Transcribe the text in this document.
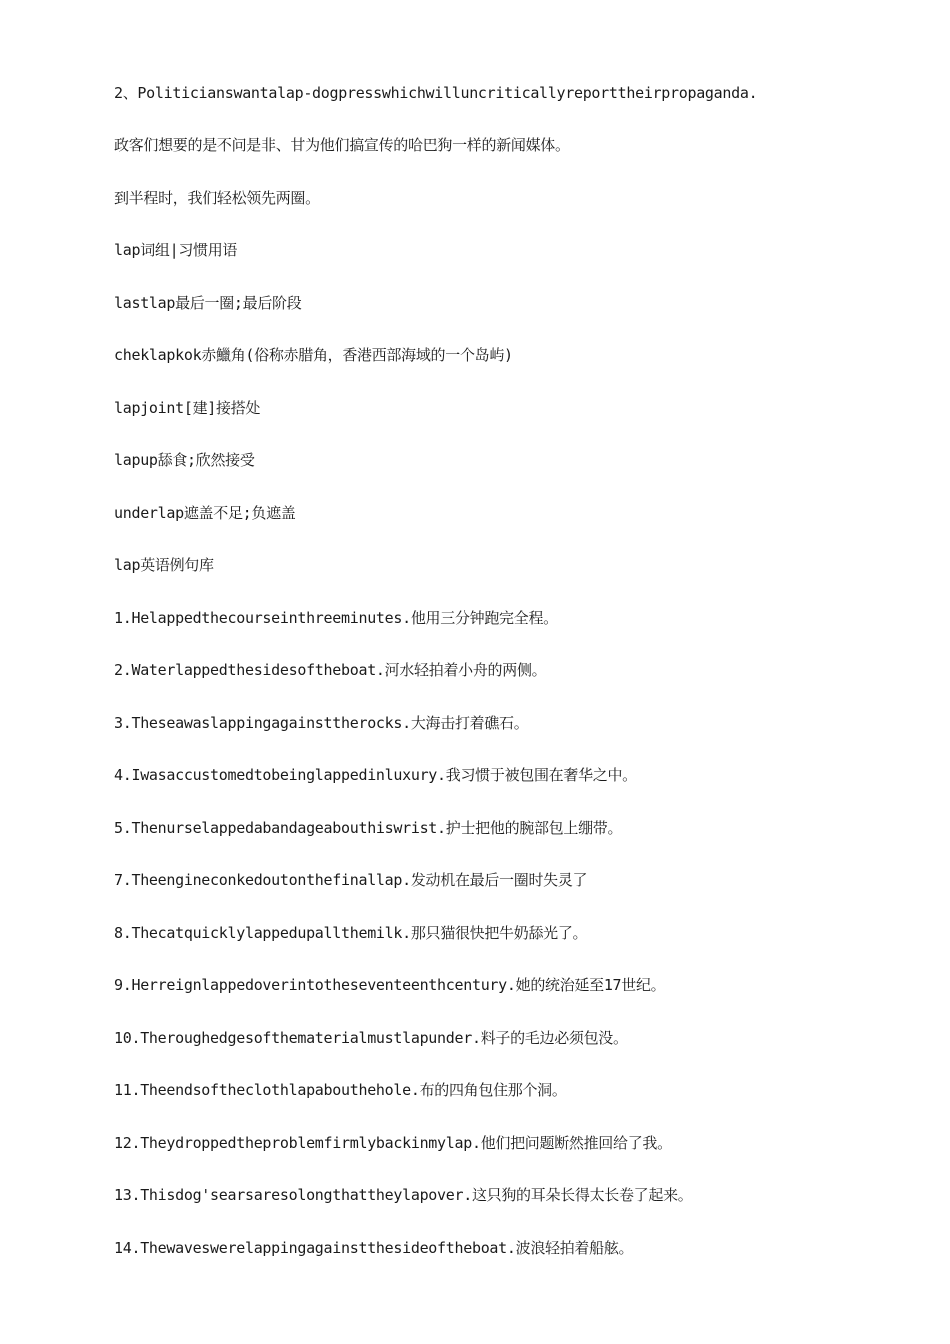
2、Politicianswantalap-dogpresswhichwilluncriticallyreporttheirpropaganda.
政客们想要的是不问是非、甘为他们搞宣传的哈巴狗一样的新闻媒体。
到半程时，我们轻松领先两圈。
lap词组|习惯用语
lastlap最后一圈;最后阶段
cheklapkok赤鱲角(俗称赤腊角，香港西部海域的一个岛屿)
lapjoint[建]接搭处
lapup舔食;欣然接受
underlap遮盖不足;负遮盖
lap英语例句库
1.Helappedthecourseinthreeminutes.他用三分钟跑完全程。
2.Waterlappedthesidesoftheboat.河水轻拍着小舟的两侧。
3.Theseawaslappingagainsttherocks.大海击打着礁石。
4.Iwasaccustomedtobeinglappedinluxury.我习惯于被包围在奢华之中。
5.Thenurselappedabandageabouthiswrist.护士把他的腕部包上绷带。
7.Theengineconkedoutonthefinallap.发动机在最后一圈时失灵了
8.Thecatquicklylappedupallthemilk.那只猫很快把牛奶舔光了。
9.Herreignlappedoverintotheseventeenthcentury.她的统治延至17世纪。
10.Theroughedgesofthematerialmustlapunder.料子的毛边必须包没。
11.Theendsoftheclothlapabouthehole.布的四角包住那个洞。
12.Theydroppedtheproblemfirmlybackinmylap.他们把问题断然推回给了我。
13.Thisdog'searsaresolongthattheylapover.这只狗的耳朵长得太长卷了起来。
14.Thewaveswerelappingagainstthesideoftheboat.波浪轻拍着船舷。
